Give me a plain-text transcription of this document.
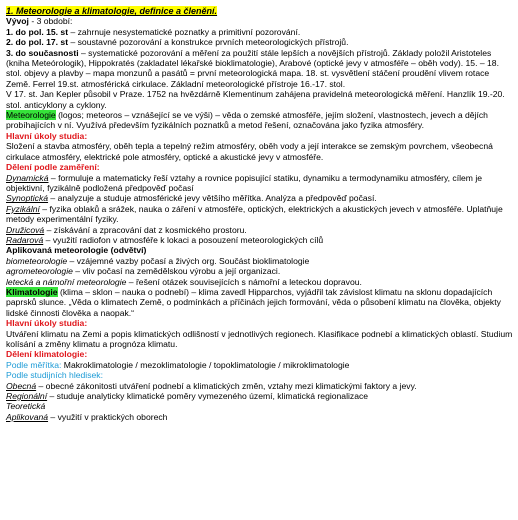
1. Meteorologie a klimatologie, definice a členění.

Vývoj - 3 období:

1. do pol. 15. st – zahrnuje nesystematické poznatky a primitivní pozorování.

2. do pol. 17. st – soustavné pozorování a konstrukce prvních meteorologických přístrojů.

3. do současnosti – systematické pozorování a měření za použití stále lepších a novějších přístrojů. Základy položil Aristoteles (kniha Meteórologik), Hippokratés (zakladatel lékařské bioklimatologie), Arabové (optické jevy v atmosféře – oběh vody). 15. – 18. stol. objevy a plavby – mapa monzunů a pasátů = první meteorologická mapa. 18. st. vysvětlení stáčení proudění vlivem rotace Země. Ferrel 19.st. atmosférická cirkulace. Základní meteorologické přístroje 16.-17. stol.

V 17. st. Jan Kepler působil v Praze. 1752 na hvězdárně Klementinum zahájena pravidelná meteorologická měření. Hanzlík 19.-20. stol. anticyklony a cyklony.

Meteorologie (logos; meteoros – vznášející se ve výši) – věda o zemské atmosféře, jejím složení, vlastnostech, jevech a dějích probíhajících v ní. Využívá především fyzikálních poznatků a metod řešení, označována jako fyzika atmosféry.

Hlavní úkoly studia:

Složení a stavba atmosféry, oběh tepla a tepelný režim atmosféry, oběh vody a její interakce se zemským povrchem, všeobecná cirkulace atmosféry, elektrické pole atmosféry, optické a akustické jevy v atmosféře.

Dělení podle zaměření:

Dynamická – formuluje a matematicky řeší vztahy a rovnice popisující statiku, dynamiku a termodynamiku atmosféry, cílem je objektivní, fyzikálně podložená předpověď počasí

Synoptická – analyzuje a studuje atmosférické jevy většího měřítka. Analýza a předpověď počasí.

Fyzikální – fyzika oblaků a srážek, nauka o záření v atmosféře, optických, elektrických a akustických jevech v atmosféře. Uplatňuje metody experimentální fyziky.

Družicová – získávání a zpracování dat z kosmického prostoru.

Radarová – využití radiofon v atmosféře k lokaci a posouzení meteorologických cílů

Aplikovaná meteorologie (odvětví)

biometeorologie – vzájemné vazby počasí a živých org. Součást bioklimatologie

agrometeorologie – vliv počasí na zemědělskou výrobu a její organizaci.

letecká a námořní meteorologie – řešení otázek souvisejících s námořní a leteckou dopravou.

Klimatologie (klima – sklon – nauka o podnebí) – klima zavedl Hipparchos, vyjádřil tak závislost klimatu na sklonu dopadajících paprsků slunce. „Věda o klimatech Země, o podmínkách a příčinách jejich formování, věda o působení klimatu na člověka, objekty lidské činnosti člověka a naopak.“

Hlavní úkoly studia:

Utváření klimatu na Zemi a popis klimatických odlišností v jednotlivých regionech. Klasifikace podnebí a klimatických oblastí. Studium kolísání a změny klimatu a prognóza klimatu.

Dělení klimatologie:

Podle měřítka: Makroklimatologie / mezoklimatologie / topoklimatologie / mikroklimatologie

Podle studijních hledisek:

Obecná – obecné zákonitosti utváření podnebí a klimatických změn, vztahy mezi klimatickými faktory a jevy.

Regionální – studuje analyticky klimatické poměry vymezeného území, klimatická regionalizace

Teoretická

Aplikovaná – využití v praktických oborech
